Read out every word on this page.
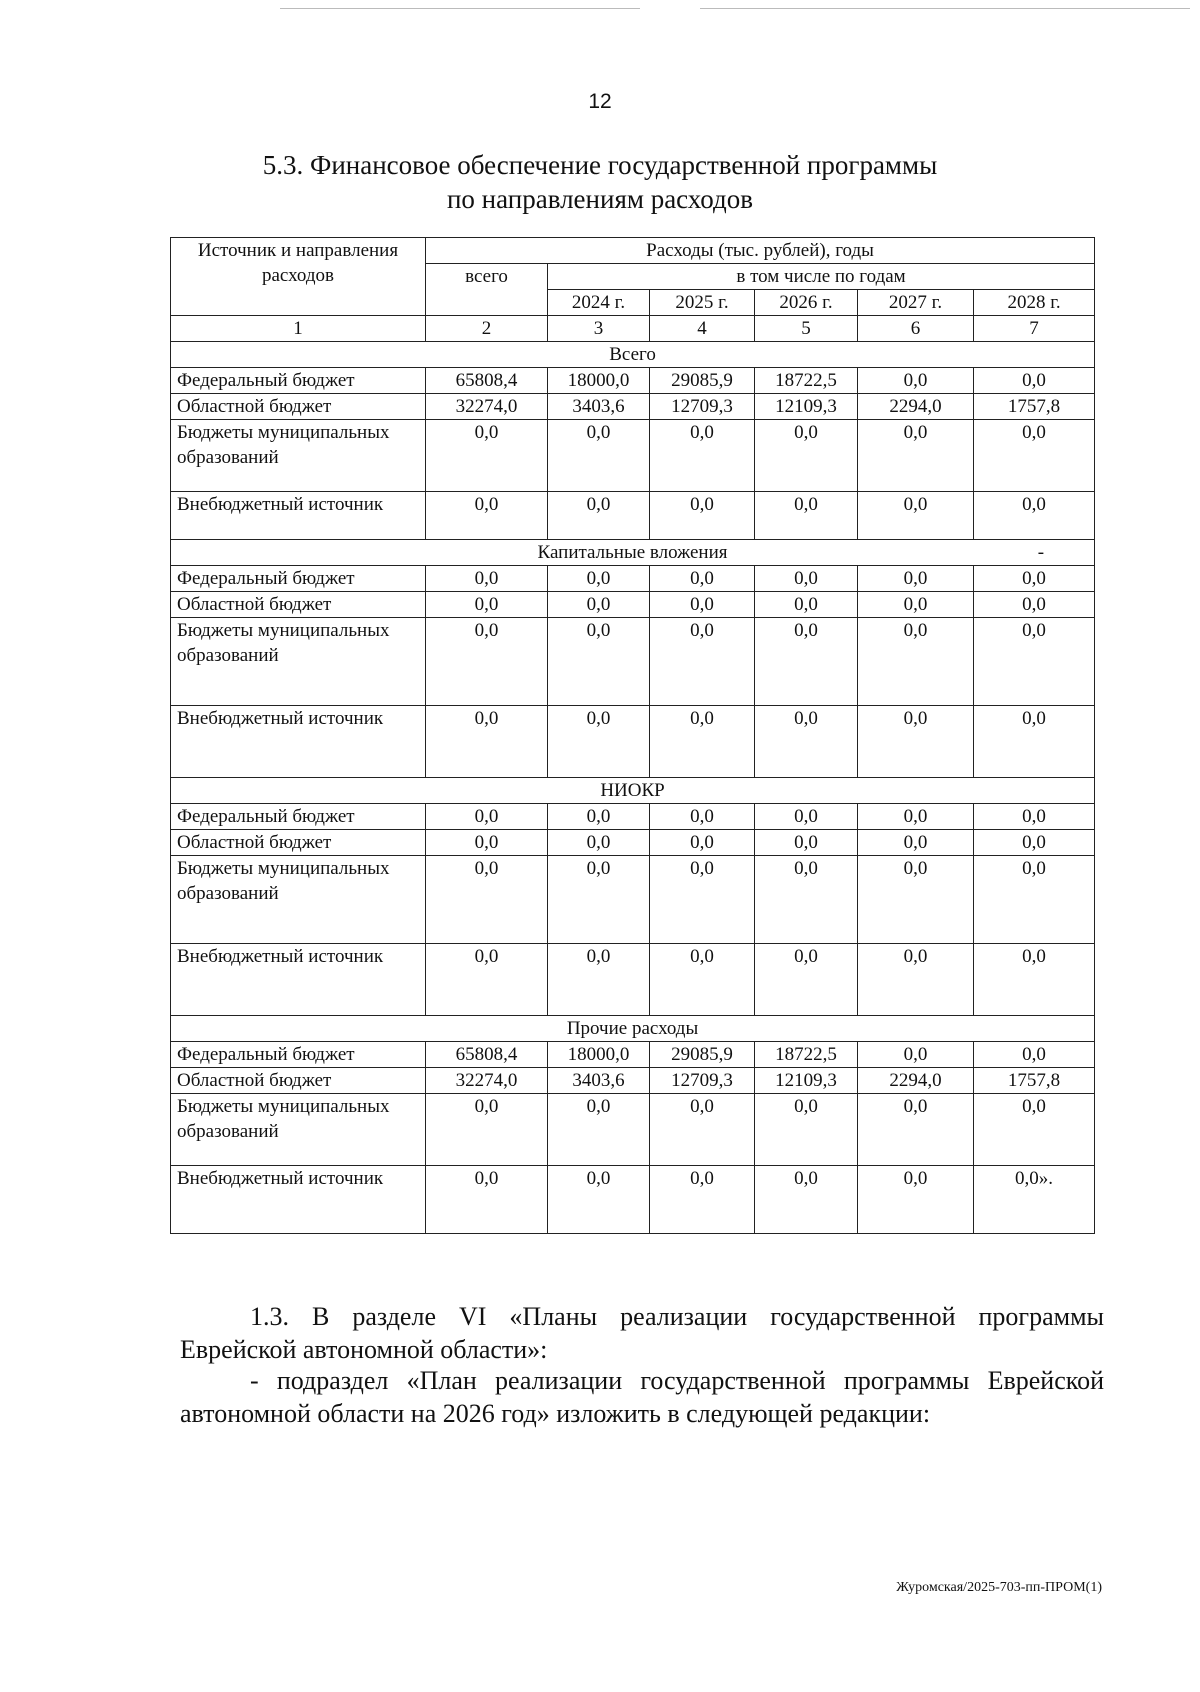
12
5.3. Финансовое обеспечение государственной программы
по направлениям расходов
Источник и направления расходов	Расходы (тыс. рублей), годы					
	всего	в том числе по годам				
		2024 г.	2025 г.	2026 г.	2027 г.	2028 г.
1	2	3	4	5	6	7
Всего						
Федеральный бюджет	65808,4	18000,0	29085,9	18722,5	0,0	0,0
Областной бюджет	32274,0	3403,6	12709,3	12109,3	2294,0	1757,8
Бюджеты муниципальных образований	0,0	0,0	0,0	0,0	0,0	0,0
Внебюджетный источник	0,0	0,0	0,0	0,0	0,0	0,0
Капитальные вложения -						

Федеральный бюджет	0,0	0,0	0,0	0,0	0,0	0,0
Областной бюджет	0,0	0,0	0,0	0,0	0,0	0,0
Бюджеты муниципальных образований	0,0	0,0	0,0	0,0	0,0	0,0
Внебюджетный источник	0,0	0,0	0,0	0,0	0,0	0,0
НИОКР						
Федеральный бюджет	0,0	0,0	0,0	0,0	0,0	0,0
Областной бюджет	0,0	0,0	0,0	0,0	0,0	0,0
Бюджеты муниципальных образований	0,0	0,0	0,0	0,0	0,0	0,0
Внебюджетный источник	0,0	0,0	0,0	0,0	0,0	0,0
Прочие расходы						
Федеральный бюджет	65808,4	18000,0	29085,9	18722,5	0,0	0,0
Областной бюджет	32274,0	3403,6	12709,3	12109,3	2294,0	1757,8
Бюджеты муниципальных образований	0,0	0,0	0,0	0,0	0,0	0,0
Внебюджетный источник	0,0	0,0	0,0	0,0	0,0	0,0».
1.3. В разделе VI «Планы реализации государственной программы Еврейской автономной области»:
- подраздел «План реализации государственной программы Еврейской автономной области на 2026 год» изложить в следующей редакции:
Журомская/2025-703-пп-ПРОМ(1)
